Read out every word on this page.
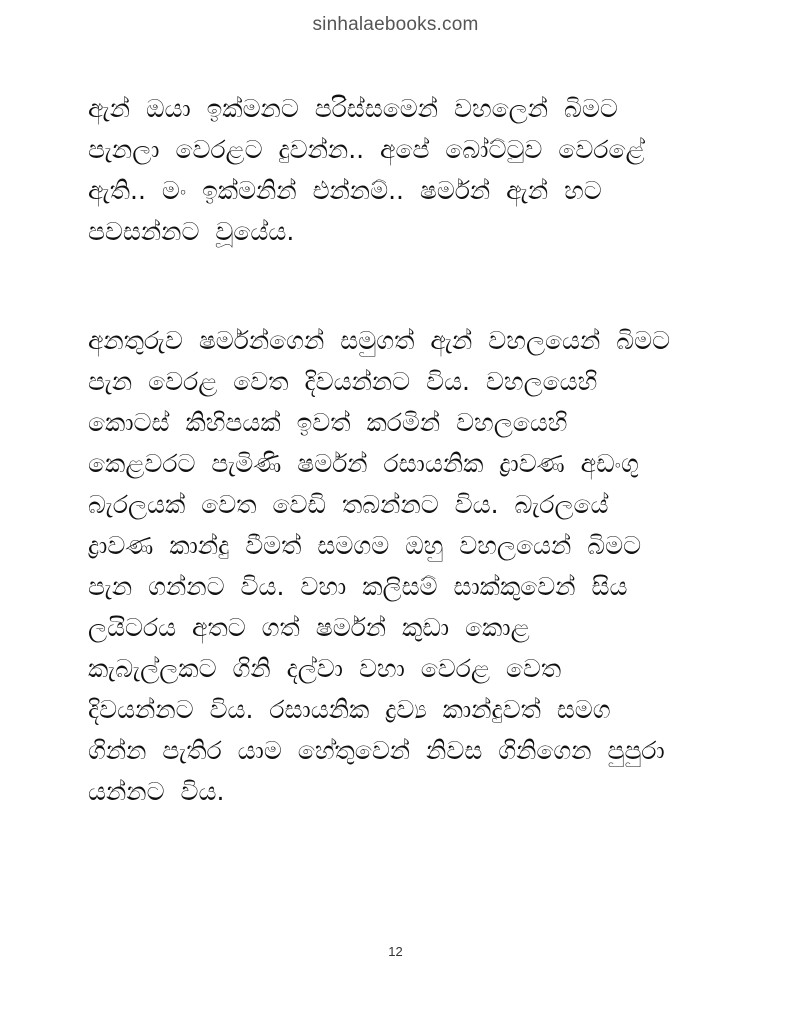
sinhalaebooks.com

ඇන් ඔයා ඉක්මනට පරිස්සමෙන් වහලෙන් බිමට
පැනලා වෙරළට දුවන්න.. අපේ බෝට්ටුව වෙරළේ
ඇති.. මං ඉක්මනින් එන්නම්.. ෂර්මන් ඇන් හට
පවසන්නට වූයේය.

අනතුරුව ෂර්මන්ගෙන් සමුගත් ඇන් වහලයෙන් බිමට
පැන වෙරළ වෙත දිවයන්නට විය. වහලයෙහි
කොටස් කිහිපයක් ඉවත් කරමින් වහලයෙහි
කෙළවරට පැමිණි ෂර්මන් රසායනික ද්‍රාවණ අඩංගු
බැරලයක් වෙත වෙඩි තබන්නට විය. බැරලයේ
ද්‍රාවණ කාන්දු වීමත් සමගම ඔහු වහලයෙන් බිමට
පැන ගන්නට විය. වහා කලිසම් සාක්කුවෙන් සිය
ලයිටරය අතට ගත් ෂර්මන් කුඩා කොළ
කැබැල්ලකට ගිනි දල්වා වහා වෙරළ වෙත
දිවයන්නට විය. රසායනික ද්‍රව්‍ය කාන්දුවත් සමග
ගින්න පැතිර යාම හේතුවෙන් නිවස ගිනිගෙන පුපුරා
යන්නට විය.

12
